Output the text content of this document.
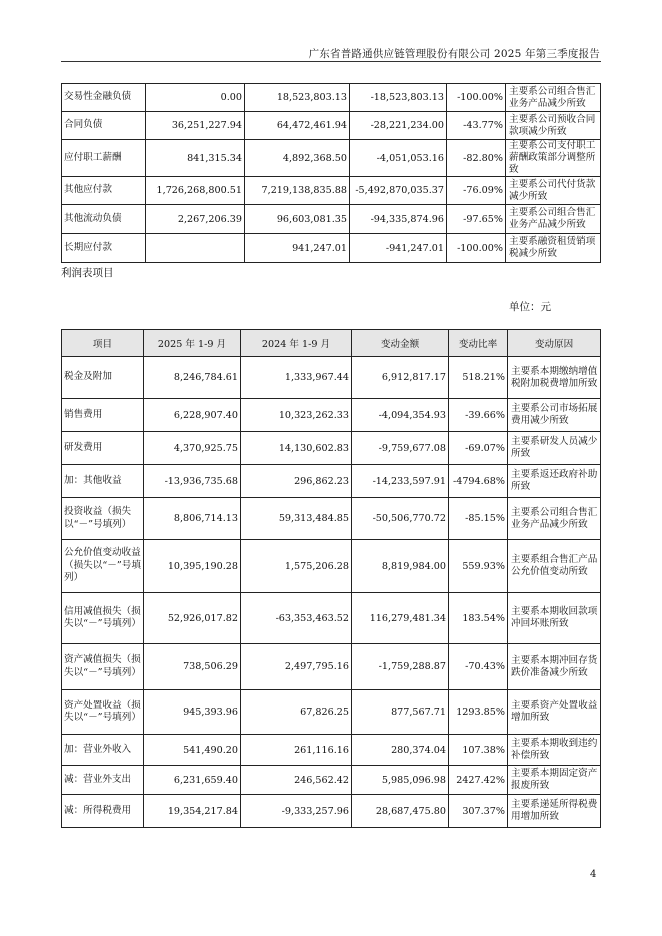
广东省普路通供应链管理股份有限公司 2025 年第三季度报告
交易性金融负债	0.00	18,523,803.13	-18,523,803.13	-100.00%	主要系公司组合售汇业务产品减少所致
合同负债	36,251,227.94	64,472,461.94	-28,221,234.00	-43.77%	主要系公司预收合同款项减少所致
应付职工薪酬	841,315.34	4,892,368.50	-4,051,053.16	-82.80%	主要系公司支付职工薪酬政策部分调整所致
其他应付款	1,726,268,800.51	7,219,138,835.88	-5,492,870,035.37	-76.09%	主要系公司代付货款减少所致
其他流动负债	2,267,206.39	96,603,081.35	-94,335,874.96	-97.65%	主要系公司组合售汇业务产品减少所致
长期应付款		941,247.01	-941,247.01	-100.00%	主要系融资租赁销项税减少所致
利润表项目
单位：元
项目	2025 年 1-9 月	2024 年 1-9 月	变动金额	变动比率	变动原因
税金及附加	8,246,784.61	1,333,967.44	6,912,817.17	518.21%	主要系本期缴纳增值税附加税费增加所致
销售费用	6,228,907.40	10,323,262.33	-4,094,354.93	-39.66%	主要系公司市场拓展费用减少所致
研发费用	4,370,925.75	14,130,602.83	-9,759,677.08	-69.07%	主要系研发人员减少所致
加：其他收益	-13,936,735.68	296,862.23	-14,233,597.91	-4794.68%	主要系返还政府补助所致
投资收益（损失以“－”号填列）	8,806,714.13	59,313,484.85	-50,506,770.72	-85.15%	主要系公司组合售汇业务产品减少所致
公允价值变动收益（损失以“－”号填列）	10,395,190.28	1,575,206.28	8,819,984.00	559.93%	主要系组合售汇产品公允价值变动所致
信用减值损失（损失以“－”号填列）	52,926,017.82	-63,353,463.52	116,279,481.34	183.54%	主要系本期收回款项冲回坏账所致
资产减值损失（损失以“－”号填列）	738,506.29	2,497,795.16	-1,759,288.87	-70.43%	主要系本期冲回存货跌价准备减少所致
资产处置收益（损失以“－”号填列）	945,393.96	67,826.25	877,567.71	1293.85%	主要系资产处置收益增加所致
加：营业外收入	541,490.20	261,116.16	280,374.04	107.38%	主要系本期收到违约补偿所致
减：营业外支出	6,231,659.40	246,562.42	5,985,096.98	2427.42%	主要系本期固定资产报废所致
减：所得税费用	19,354,217.84	-9,333,257.96	28,687,475.80	307.37%	主要系递延所得税费用增加所致
4
